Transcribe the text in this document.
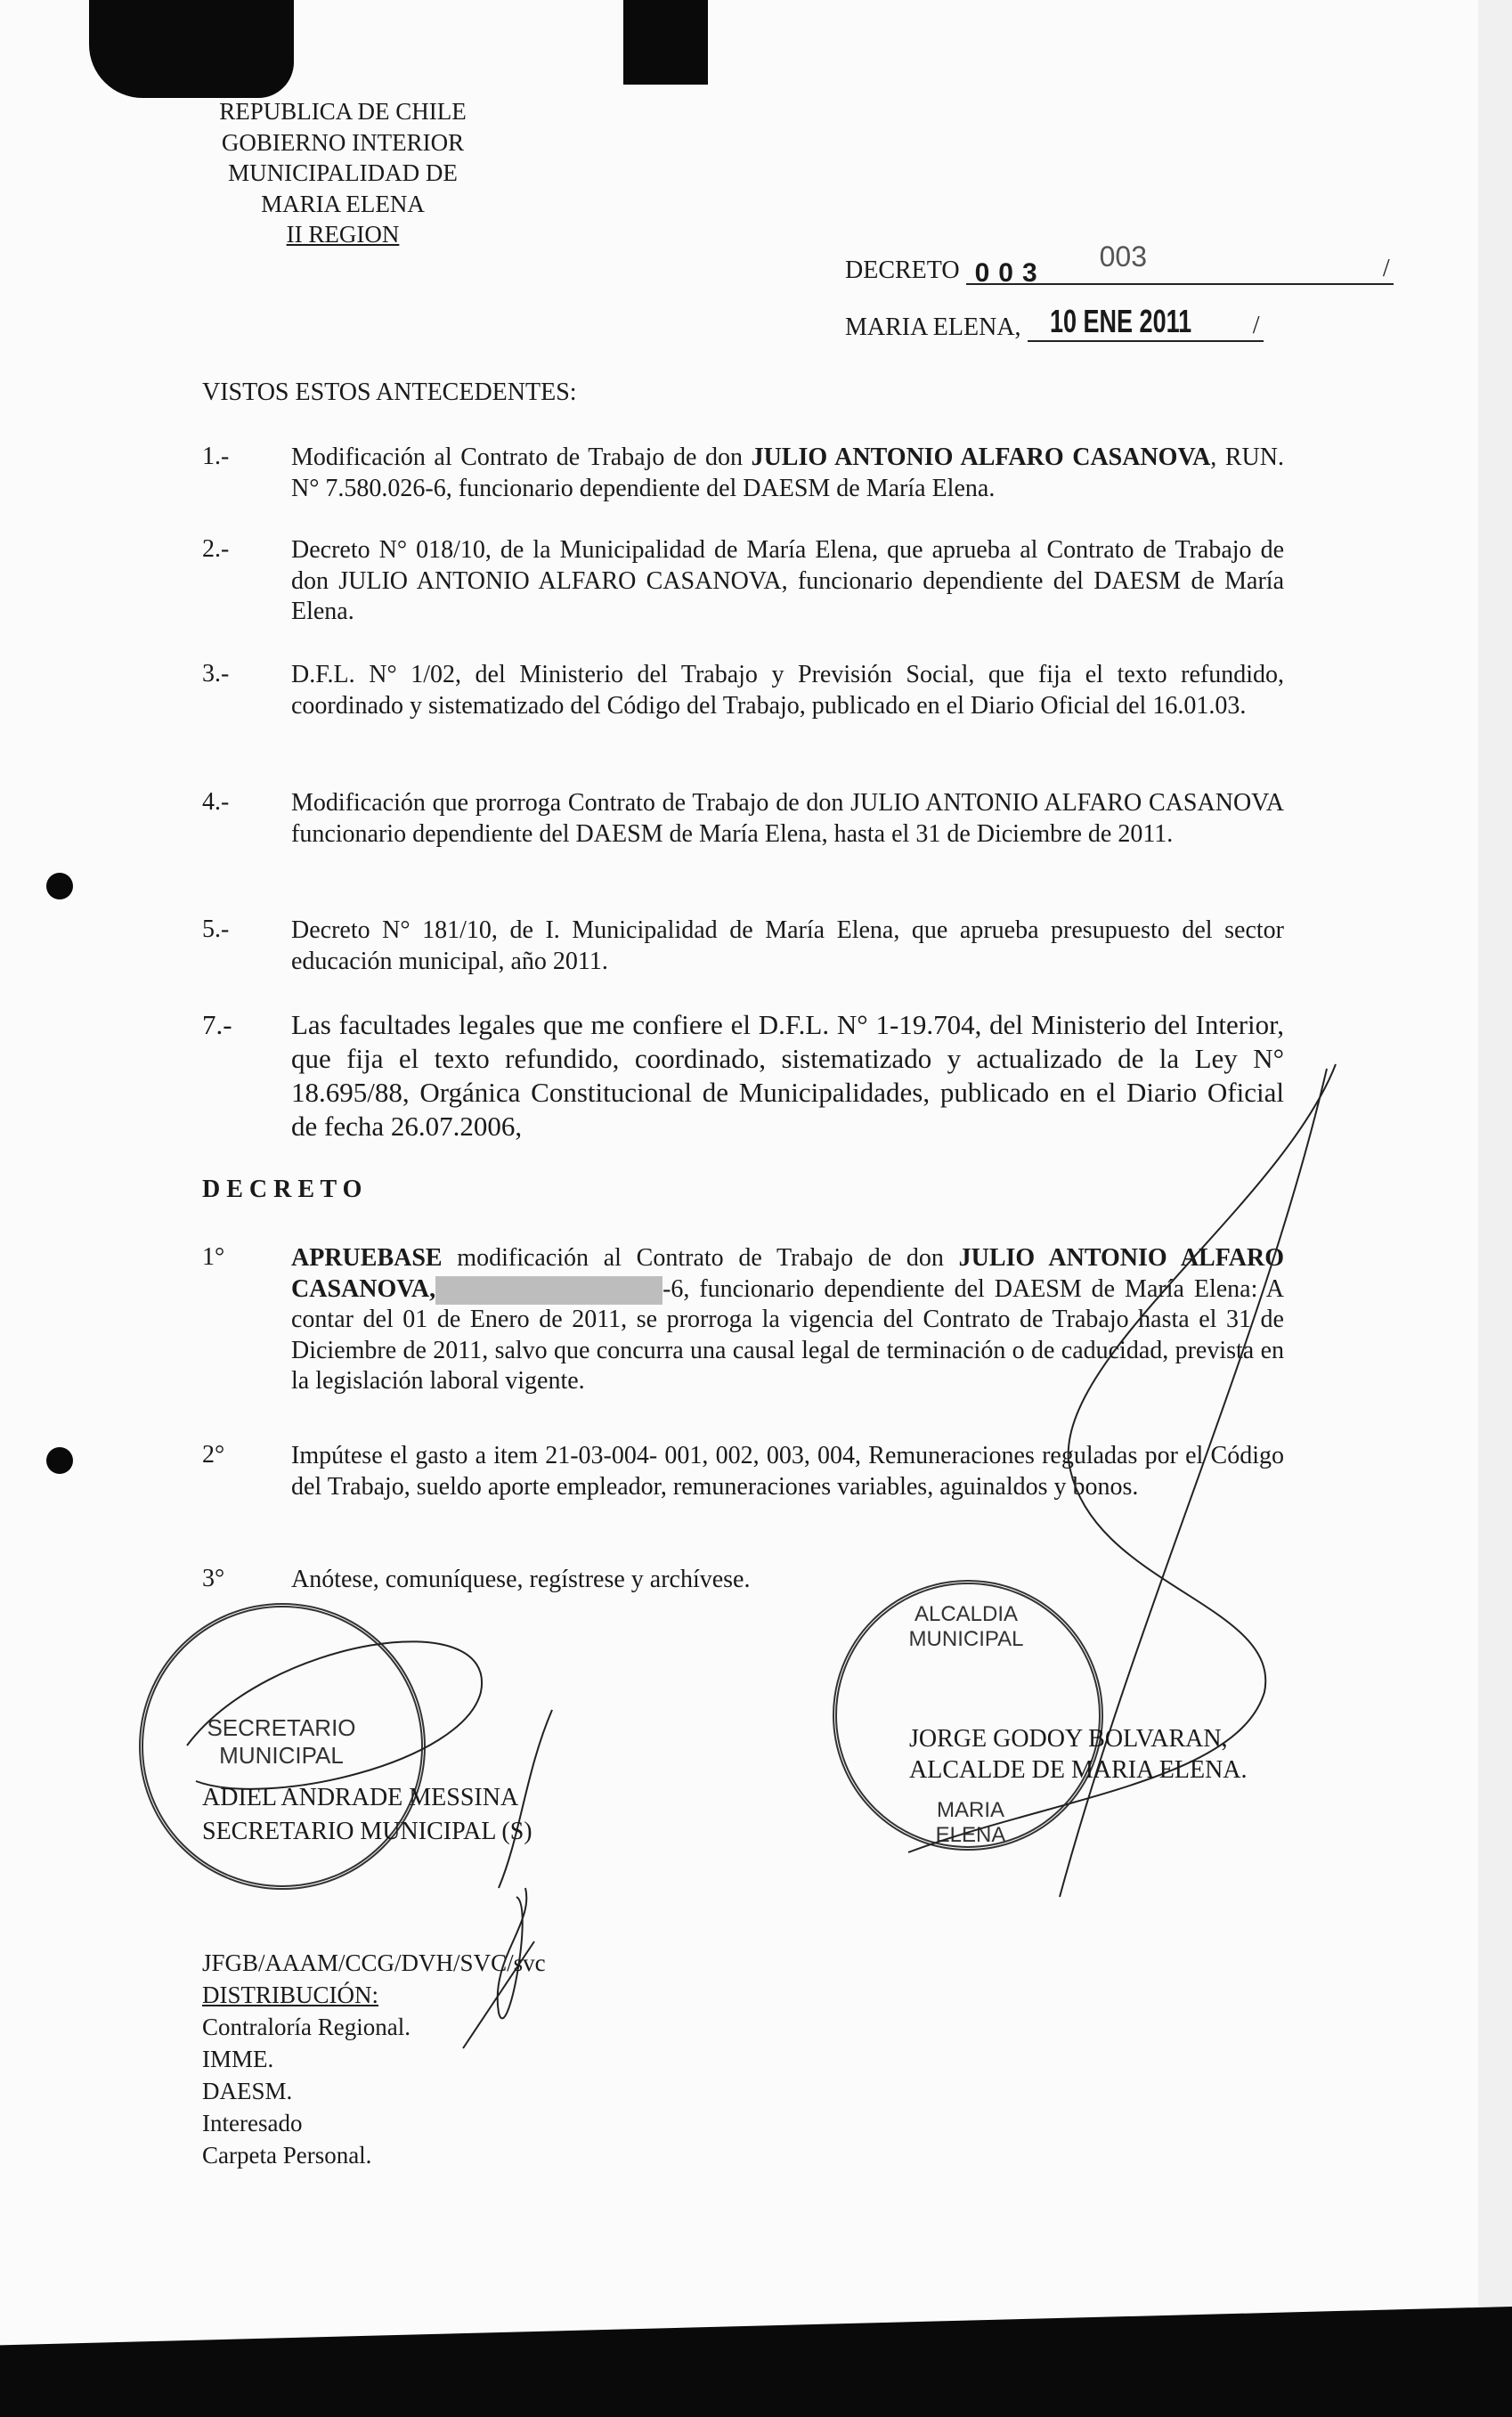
REPUBLICA DE CHILE
GOBIERNO INTERIOR
MUNICIPALIDAD DE
MARIA ELENA
II REGION
DECRETO 003
003	/
MARIA ELENA, 10 ENE 2011 /
VISTOS ESTOS ANTECEDENTES:
1.- Modificación al Contrato de Trabajo de don JULIO ANTONIO ALFARO CASANOVA, RUN. N° 7.580.026-6, funcionario dependiente del DAESM de María Elena.
2.- Decreto N° 018/10, de la Municipalidad de María Elena, que aprueba al Contrato de Trabajo de don JULIO ANTONIO ALFARO CASANOVA, funcionario dependiente del DAESM de María Elena.
3.- D.F.L. N° 1/02, del Ministerio del Trabajo y Previsión Social, que fija el texto refundido, coordinado y sistematizado del Código del Trabajo, publicado en el Diario Oficial del 16.01.03.
4.- Modificación que prorroga Contrato de Trabajo de don JULIO ANTONIO ALFARO CASANOVA funcionario dependiente del DAESM de María Elena, hasta el 31 de Diciembre de 2011.
5.- Decreto N° 181/10, de I. Municipalidad de María Elena, que aprueba presupuesto del sector educación municipal, año 2011.
7.- Las facultades legales que me confiere el D.F.L. N° 1-19.704, del Ministerio del Interior, que fija el texto refundido, coordinado, sistematizado y actualizado de la Ley N° 18.695/88, Orgánica Constitucional de Municipalidades, publicado en el Diario Oficial de fecha 26.07.2006,
D E C R E T O
1°	APRUEBASE modificación al Contrato de Trabajo de don JULIO ANTONIO ALFARO CASANOVA,	-6, funcionario dependiente del DAESM de María Elena: A contar del 01 de Enero de 2011, se prorroga la vigencia del Contrato de Trabajo hasta el 31 de Diciembre de 2011, salvo que concurra una causal legal de terminación o de caducidad, prevista en la legislación laboral vigente.
2°	Impútese el gasto a item 21-03-004- 001, 002, 003, 004, Remuneraciones reguladas por el Código del Trabajo, sueldo aporte empleador, remuneraciones variables, aguinaldos y bonos.
3°	Anótese, comuníquese, regístrese y archívese.
SECRETARIO
MUNICIPAL
ALCALDIA MUNICIPAL
MARIA ELENA
ADIEL ANDRADE MESSINA
SECRETARIO MUNICIPAL (S)
JORGE GODOY BOLVARAN,
ALCALDE DE MARIA ELENA.
JFGB/AAAM/CCG/DVH/SVC/svc
DISTRIBUCIÓN:
Contraloría Regional.
IMME.
DAESM.
Interesado
Carpeta Personal.
